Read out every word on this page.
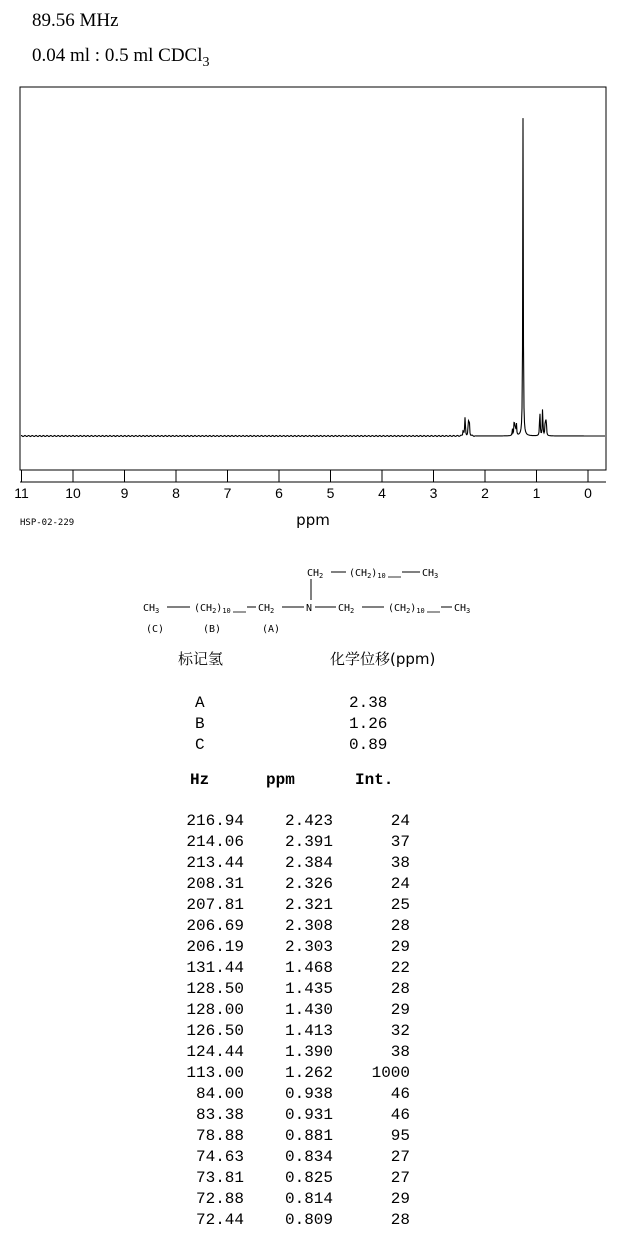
89.56 MHz
0.04 ml : 0.5 ml CDCl$_3$
11	10	9	8	7	6	5	4	3	2	1	0
HSP-02-229	ppm
$CH_2$	$(CH_2)_{10}$	$CH_3$
$CH_3$	$(CH_2)_{10}$	$CH_2$	N	$CH_2$	$(CH_2)_{10}$	$CH_3$
(C)	(B)	(A)
标记氢	化学位移(ppm)
A	2.38
B	1.26
C	0.89
Hz	ppm	Int.
216.94	2.423	24
214.06	2.391	37
213.44	2.384	38
208.31	2.326	24
207.81	2.321	25
206.69	2.308	28
206.19	2.303	29
131.44	1.468	22
128.50	1.435	28
128.00	1.430	29
126.50	1.413	32
124.44	1.390	38
113.00	1.262 1000
84.00	0.938	46
83.38	0.931	46
78.88	0.881	95
74.63	0.834	27
73.81	0.825	27
72.88	0.814	29
72.44	0.809	28
